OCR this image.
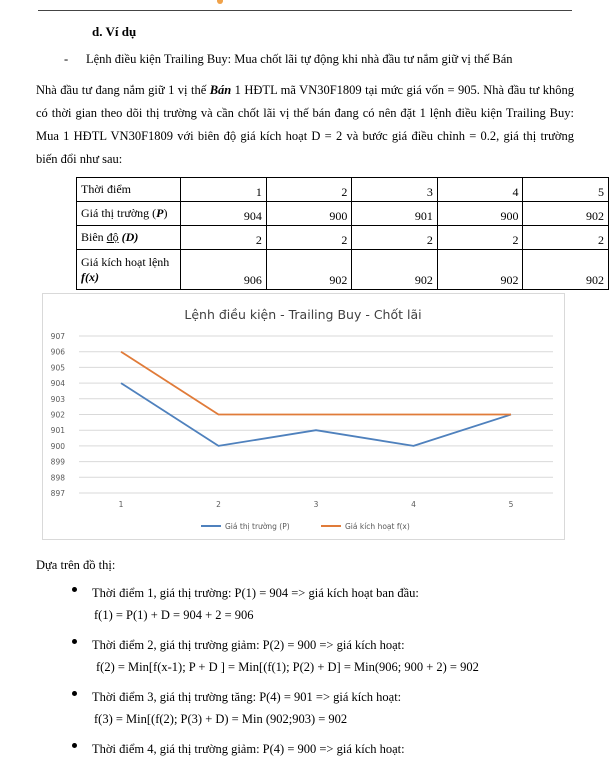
d. Ví dụ
- Lệnh điều kiện Trailing Buy: Mua chốt lãi tự động khi nhà đầu tư nắm giữ vị thế Bán
Nhà đầu tư đang nắm giữ 1 vị thế Bán 1 HĐTL mã VN30F1809 tại mức giá vốn = 905. Nhà đầu tư không có thời gian theo dõi thị trường và cần chốt lãi vị thế bán đang có nên đặt 1 lệnh điều kiện Trailing Buy: Mua 1 HĐTL VN30F1809 với biên độ giá kích hoạt D = 2 và bước giá điều chỉnh = 0.2, giá thị trường biến đổi như sau:
Thời điểm	1	2	3	4	5
Giá thị trường (P)	904	900	901	900	902
Biên độ (D)	2	2	2	2	2
Giá kích hoạt lệnh
f(x)	906	902	902	902	902
Lệnh điều kiện - Trailing Buy - Chốt lãi
897
898
899
900
901
902
903
904
905
906
907
1	2	3	4	5
Giá thị trường (P)	Giá kích hoạt f(x)
Dựa trên đồ thị:
Thời điểm 1, giá thị trường: P(1) = 904 => giá kích hoạt ban đầu:
f(1) = P(1) + D = 904 + 2 = 906
Thời điểm 2, giá thị trường giảm: P(2) = 900 => giá kích hoạt:
f(2) = Min[f(x-1); P + D ] = Min[(f(1); P(2) + D] = Min(906; 900 + 2) = 902
Thời điểm 3, giá thị trường tăng: P(4) = 901 => giá kích hoạt:
f(3) = Min[(f(2); P(3) + D) = Min (902;903) = 902
Thời điểm 4, giá thị trường giảm: P(4) = 900 => giá kích hoạt:
